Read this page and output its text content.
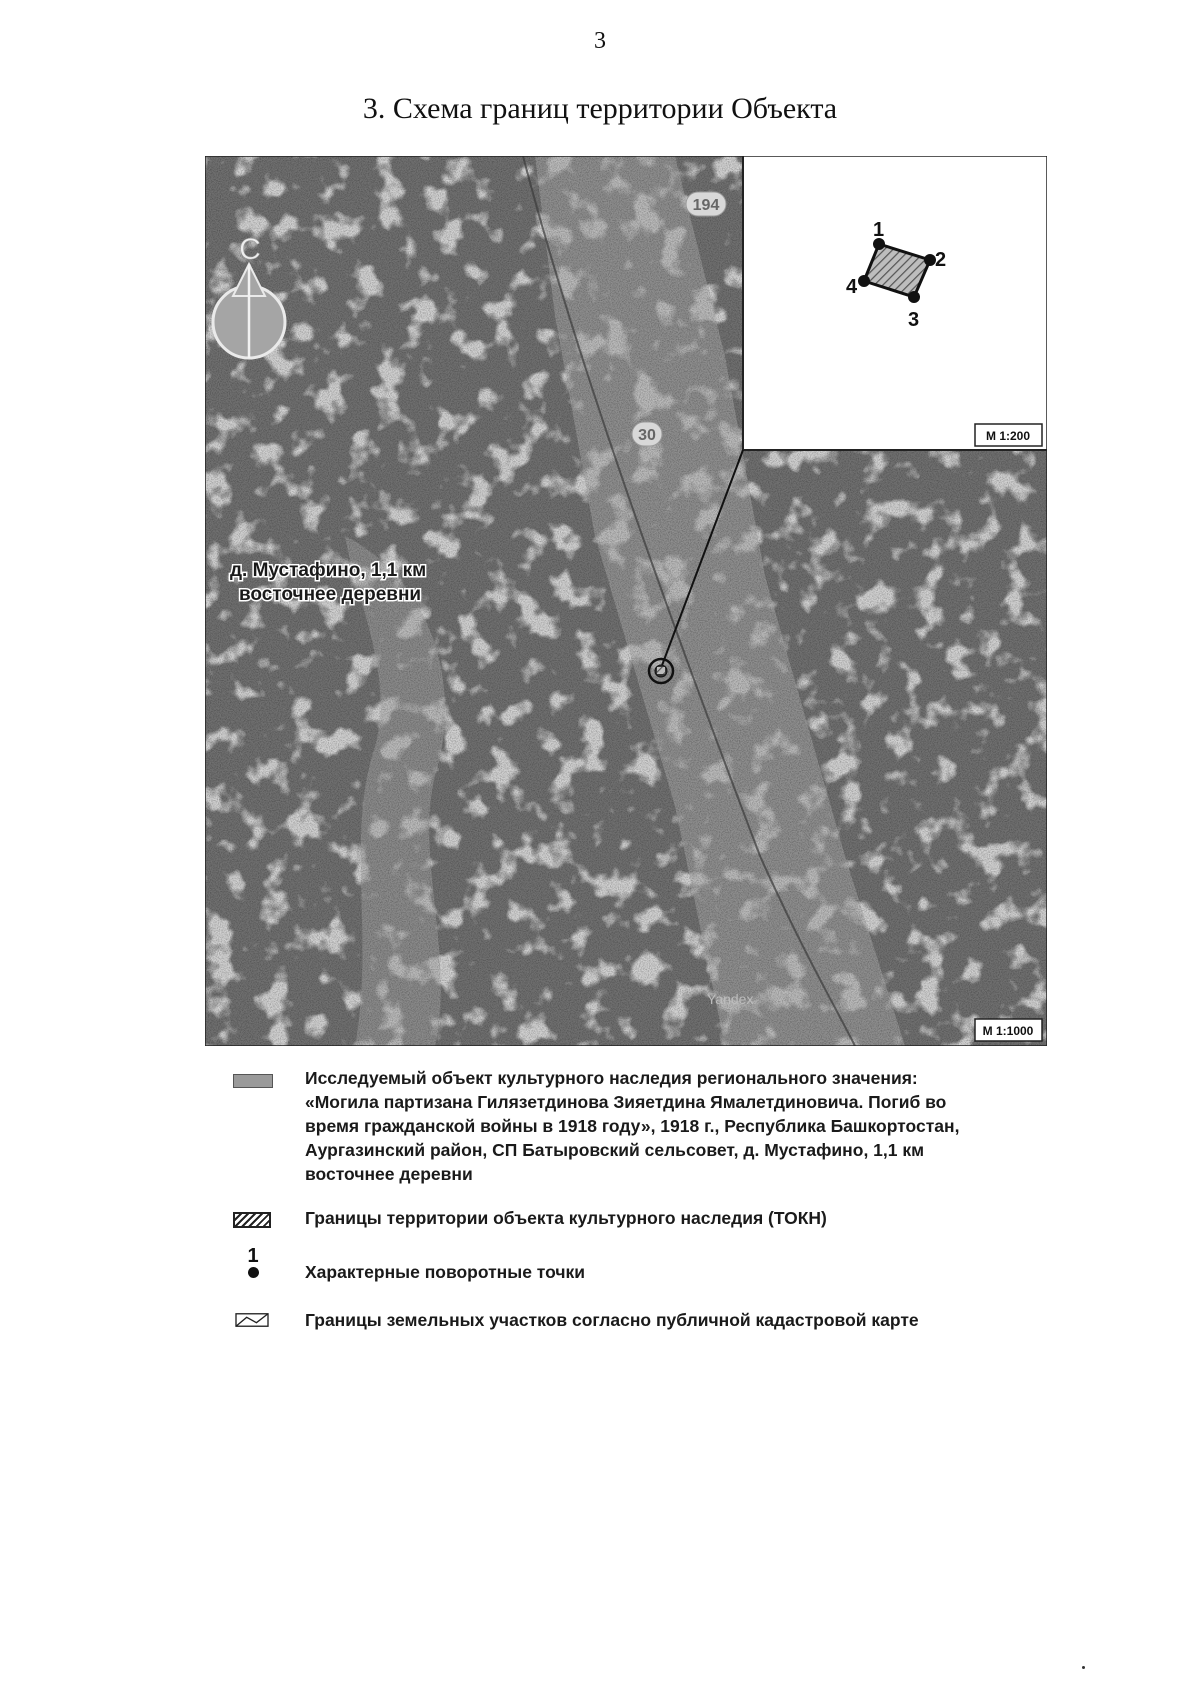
3
3. Схема границ территории Объекта
С
194
30
д. Мустафино, 1,1 км восточнее деревни
1
2
3
4
М 1:200
М 1:1000
Yandex
Исследуемый объект культурного наследия регионального значения:
«Могила партизана Гилязетдинова Зияетдина Ямалетдиновича. Погиб во
время гражданской войны в 1918 году», 1918 г., Республика Башкортостан,
Аургазинский район, СП Батыровский сельсовет, д. Мустафино, 1,1 км
восточнее деревни
Границы территории объекта культурного наследия (ТОКН)
1
Характерные поворотные точки
Границы земельных участков согласно публичной кадастровой карте
